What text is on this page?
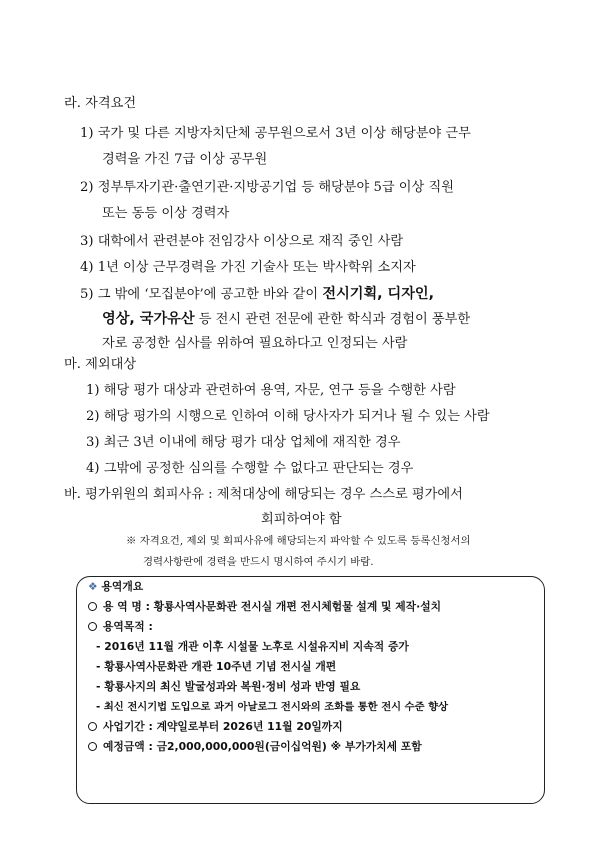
라. 자격요건
1) 국가 및 다른 지방자치단체 공무원으로서 3년 이상 해당분야 근무
경력을 가진 7급 이상 공무원
2) 정부투자기관·출연기관·지방공기업 등 해당분야 5급 이상 직원
또는 동등 이상 경력자
3) 대학에서 관련분야 전임강사 이상으로 재직 중인 사람
4) 1년 이상 근무경력을 가진 기술사 또는 박사학위 소지자
5) 그 밖에 ‘모집분야’에 공고한 바와 같이 전시기획, 디자인,
영상, 국가유산 등 전시 관련 전문에 관한 학식과 경험이 풍부한
자로 공정한 심사를 위하여 필요하다고 인정되는 사람
마. 제외대상
1) 해당 평가 대상과 관련하여 용역, 자문, 연구 등을 수행한 사람
2) 해당 평가의 시행으로 인하여 이해 당사자가 되거나 될 수 있는 사람
3) 최근 3년 이내에 해당 평가 대상 업체에 재직한 경우
4) 그밖에 공정한 심의를 수행할 수 없다고 판단되는 경우
바. 평가위원의 회피사유 : 제척대상에 해당되는 경우 스스로 평가에서
회피하여야 함
※ 자격요건, 제외 및 회피사유에 해당되는지 파악할 수 있도록 등록신청서의
경력사항란에 경력을 반드시 명시하여 주시기 바람.
❖ 용역개요
용 역 명 : 황룡사역사문화관 전시실 개편 전시체험물 설계 및 제작·설치
용역목적 :
- 2016년 11월 개관 이후 시설물 노후로 시설유지비 지속적 증가
- 황룡사역사문화관 개관 10주년 기념 전시실 개편
- 황룡사지의 최신 발굴성과와 복원·정비 성과 반영 필요
- 최신 전시기법 도입으로 과거 아날로그 전시와의 조화를 통한 전시 수준 향상
사업기간 : 계약일로부터 2026년 11월 20일까지
예정금액 : 금2,000,000,000원(금이십억원) ※ 부가가치세 포함
